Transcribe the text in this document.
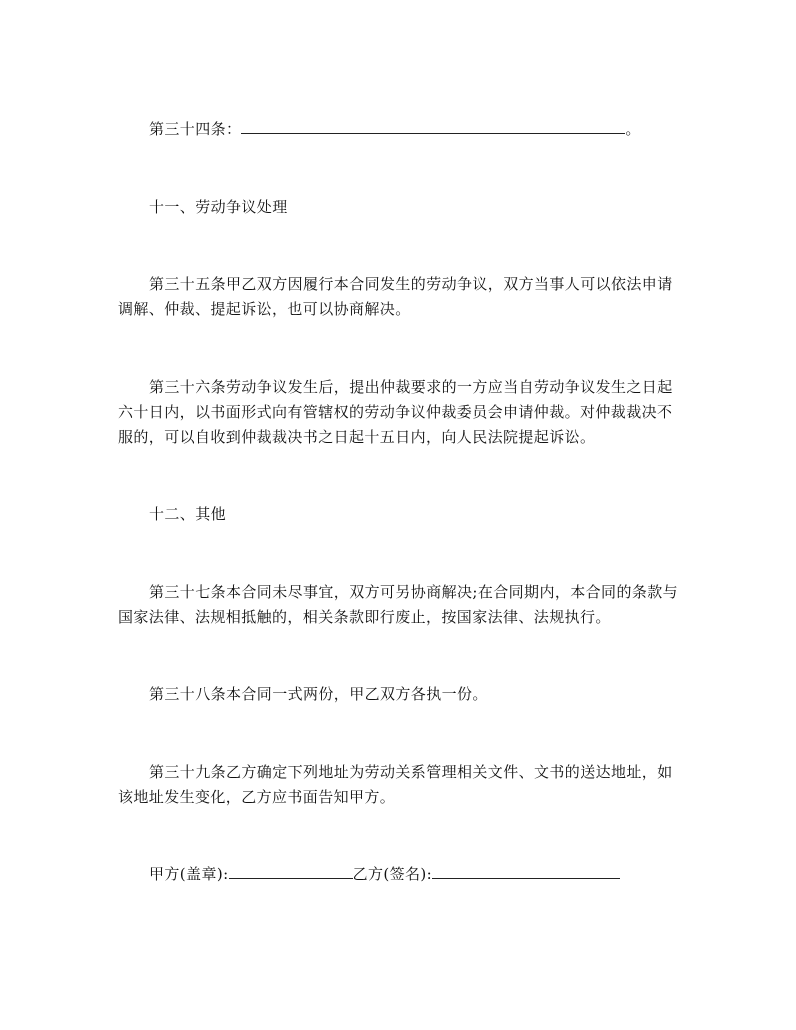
第三十四条：	。
十一、劳动争议处理
第三十五条甲乙双方因履行本合同发生的劳动争议，双方当事人可以依法申请调解、仲裁、提起诉讼，也可以协商解决。
第三十六条劳动争议发生后，提出仲裁要求的一方应当自劳动争议发生之日起六十日内，以书面形式向有管辖权的劳动争议仲裁委员会申请仲裁。对仲裁裁决不服的，可以自收到仲裁裁决书之日起十五日内，向人民法院提起诉讼。
十二、其他
第三十七条本合同未尽事宜，双方可另协商解决;在合同期内，本合同的条款与国家法律、法规相抵触的，相关条款即行废止，按国家法律、法规执行。
第三十八条本合同一式两份，甲乙双方各执一份。
第三十九条乙方确定下列地址为劳动关系管理相关文件、文书的送达地址，如该地址发生变化，乙方应书面告知甲方。
甲方(盖章):	乙方(签名):
